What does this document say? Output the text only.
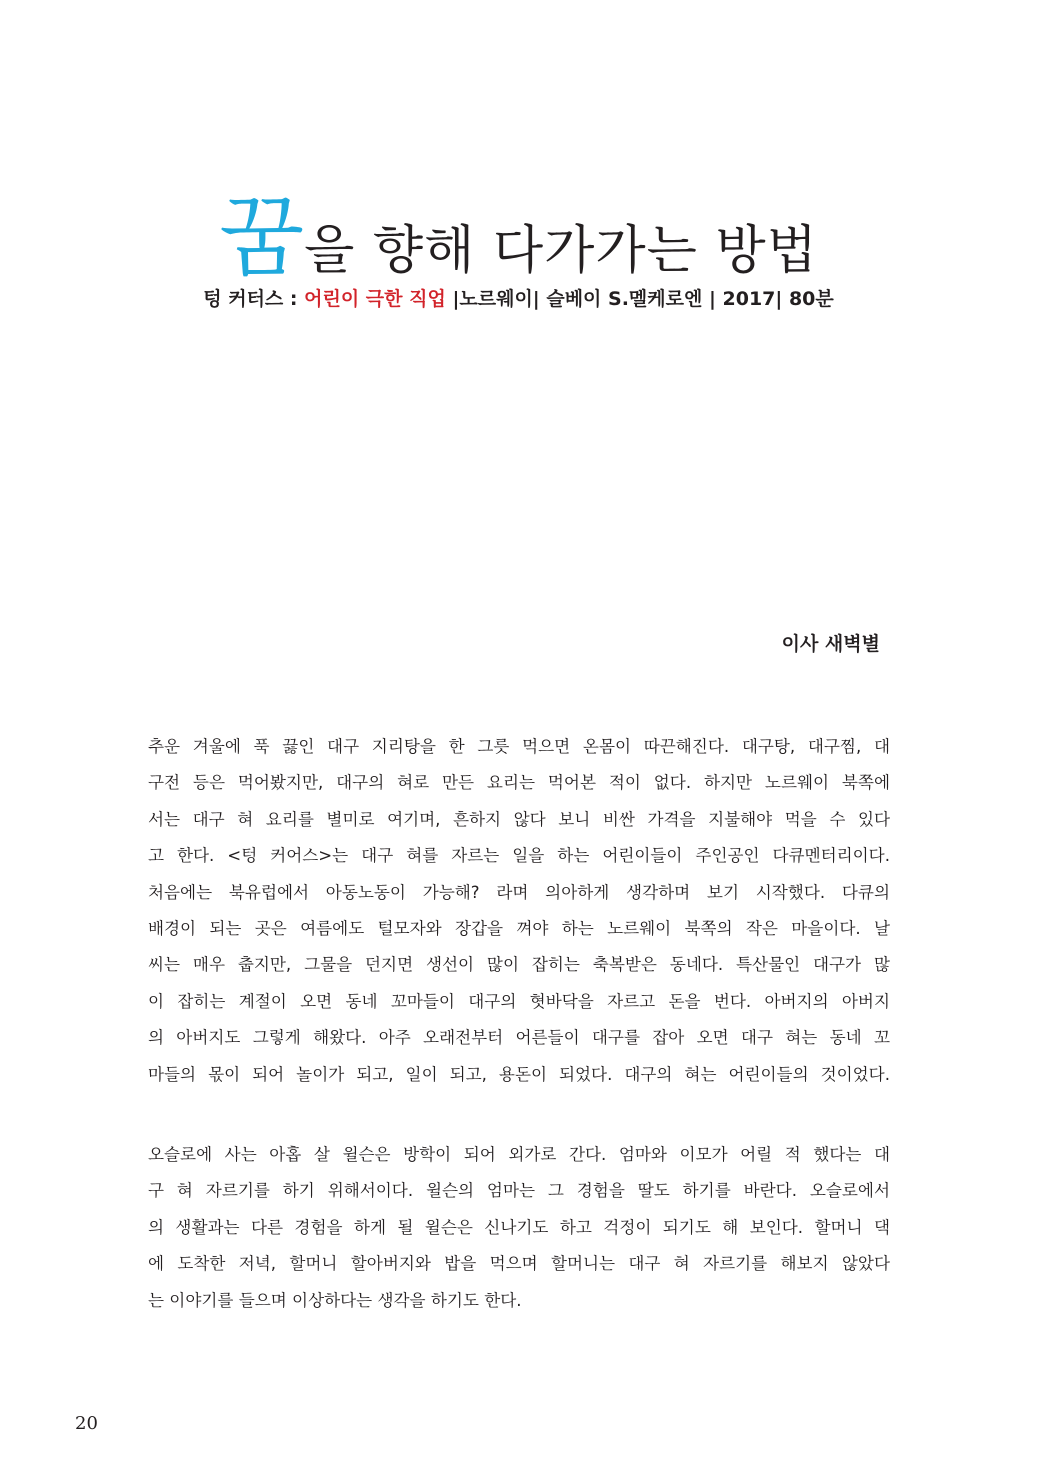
꿈을 향해 다가가는 방법
텅 커터스 : 어린이 극한 직업 |노르웨이| 슬베이 S.멜케로엔 | 2017| 80분
이사 새벽별
추운 겨울에 푹 끓인 대구 지리탕을 한 그릇 먹으면 온몸이 따끈해진다. 대구탕, 대구찜, 대
구전 등은 먹어봤지만, 대구의 혀로 만든 요리는 먹어본 적이 없다. 하지만 노르웨이 북쪽에
서는 대구 혀 요리를 별미로 여기며, 흔하지 않다 보니 비싼 가격을 지불해야 먹을 수 있다
고 한다. <텅 커어스>는 대구 혀를 자르는 일을 하는 어린이들이 주인공인 다큐멘터리이다.
처음에는 북유럽에서 아동노동이 가능해? 라며 의아하게 생각하며 보기 시작했다. 다큐의
배경이 되는 곳은 여름에도 털모자와 장갑을 껴야 하는 노르웨이 북쪽의 작은 마을이다. 날
씨는 매우 춥지만, 그물을 던지면 생선이 많이 잡히는 축복받은 동네다. 특산물인 대구가 많
이 잡히는 계절이 오면 동네 꼬마들이 대구의 혓바닥을 자르고 돈을 번다. 아버지의 아버지
의 아버지도 그렇게 해왔다. 아주 오래전부터 어른들이 대구를 잡아 오면 대구 혀는 동네 꼬
마들의 몫이 되어 놀이가 되고, 일이 되고, 용돈이 되었다. 대구의 혀는 어린이들의 것이었다.
오슬로에 사는 아홉 살 윌슨은 방학이 되어 외가로 간다. 엄마와 이모가 어릴 적 했다는 대
구 혀 자르기를 하기 위해서이다. 윌슨의 엄마는 그 경험을 딸도 하기를 바란다. 오슬로에서
의 생활과는 다른 경험을 하게 될 윌슨은 신나기도 하고 걱정이 되기도 해 보인다. 할머니 댁
에 도착한 저녁, 할머니 할아버지와 밥을 먹으며 할머니는 대구 혀 자르기를 해보지 않았다
는 이야기를 들으며 이상하다는 생각을 하기도 한다.
20
